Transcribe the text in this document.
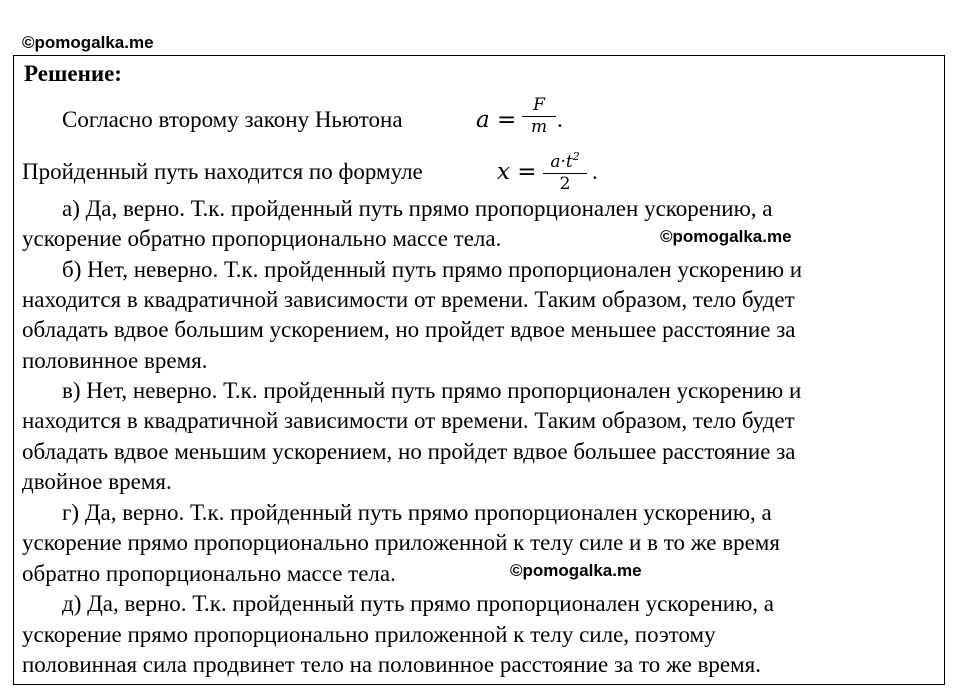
©pomogalka.me
©pomogalka.me
©pomogalka.me
Решение:
Согласно второму закону Ньютона	a =
F
m .
Пройденный путь находится по формуле	$x = a\cdot t^2$
2 .
а) Да, верно. Т.к. пройденный путь прямо пропорционален ускорению, а
ускорение обратно пропорционально массе тела.
б) Нет, неверно. Т.к. пройденный путь прямо пропорционален ускорению и
находится в квадратичной зависимости от времени. Таким образом, тело будет
обладать вдвое большим ускорением, но пройдет вдвое меньшее расстояние за
половинное время.
в) Нет, неверно. Т.к. пройденный путь прямо пропорционален ускорению и
находится в квадратичной зависимости от времени. Таким образом, тело будет
обладать вдвое меньшим ускорением, но пройдет вдвое большее расстояние за
двойное время.
г) Да, верно. Т.к. пройденный путь прямо пропорционален ускорению, а
ускорение прямо пропорционально приложенной к телу силе и в то же время
обратно пропорционально массе тела.
д) Да, верно. Т.к. пройденный путь прямо пропорционален ускорению, а
ускорение прямо пропорционально приложенной к телу силе, поэтому
половинная сила продвинет тело на половинное расстояние за то же время.
